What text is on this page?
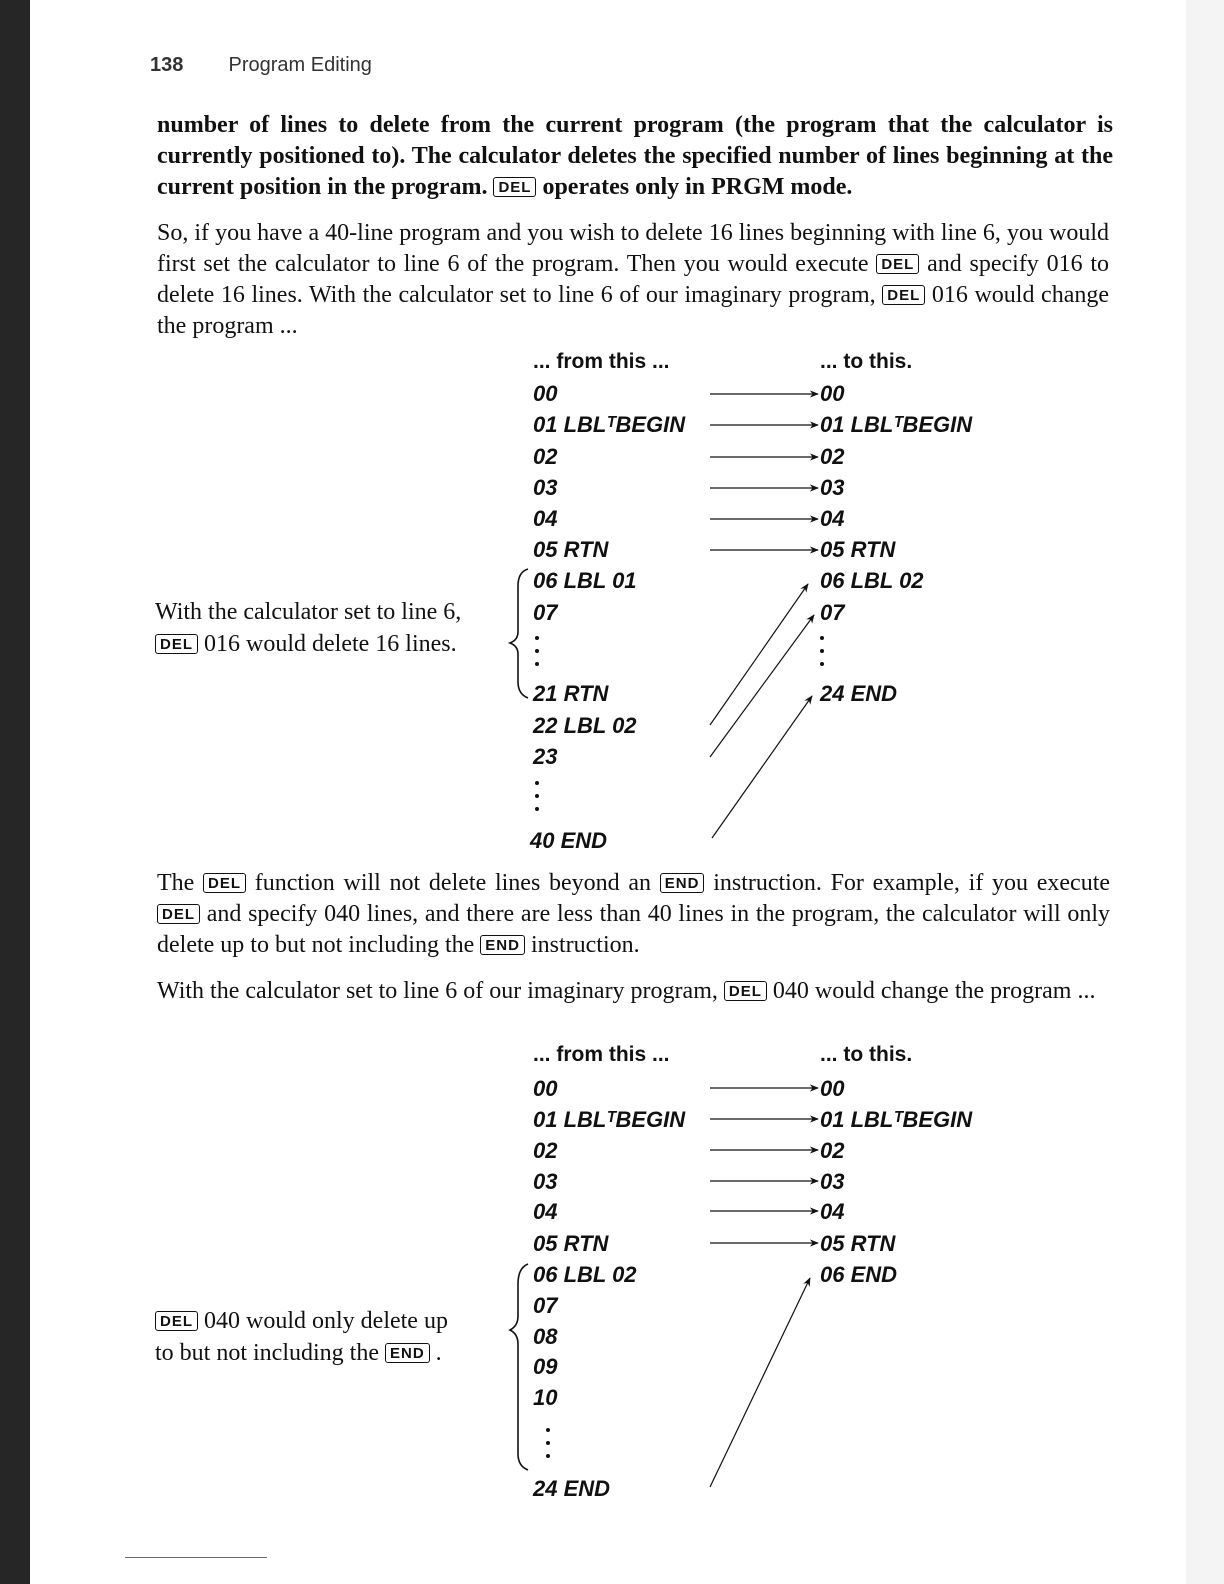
138 Program Editing
number of lines to delete from the current program (the program that the calculator is currently positioned to). The calculator deletes the specified number of lines beginning at the current position in the program. DEL operates only in PRGM mode.
So, if you have a 40-line program and you wish to delete 16 lines beginning with line 6, you would first set the calculator to line 6 of the program. Then you would execute DEL and specify 016 to delete 16 lines. With the calculator set to line 6 of our imaginary program, DEL 016 would change the program ...
... from this ...	... to this.
00
01 LBLᵀBEGIN
02
03
04
05 RTN
06 LBL 01
07
21 RTN
22 LBL 02
23
40 END
00
01 LBLᵀBEGIN
02
03
04
05 RTN
06 LBL 02
07
24 END
With the calculator set to line 6,
DEL 016 would delete 16 lines.
The DEL function will not delete lines beyond an END instruction. For example, if you execute DEL and specify 040 lines, and there are less than 40 lines in the program, the calculator will only delete up to but not including the END instruction.
With the calculator set to line 6 of our imaginary program, DEL 040 would change the program ...
... from this ...	... to this.
00
01 LBLᵀBEGIN
02
03
04
05 RTN
06 LBL 02
07
08
09
10
24 END
00
01 LBLᵀBEGIN
02
03
04
05 RTN
06 END
DEL 040 would only delete up
to but not including the END .
